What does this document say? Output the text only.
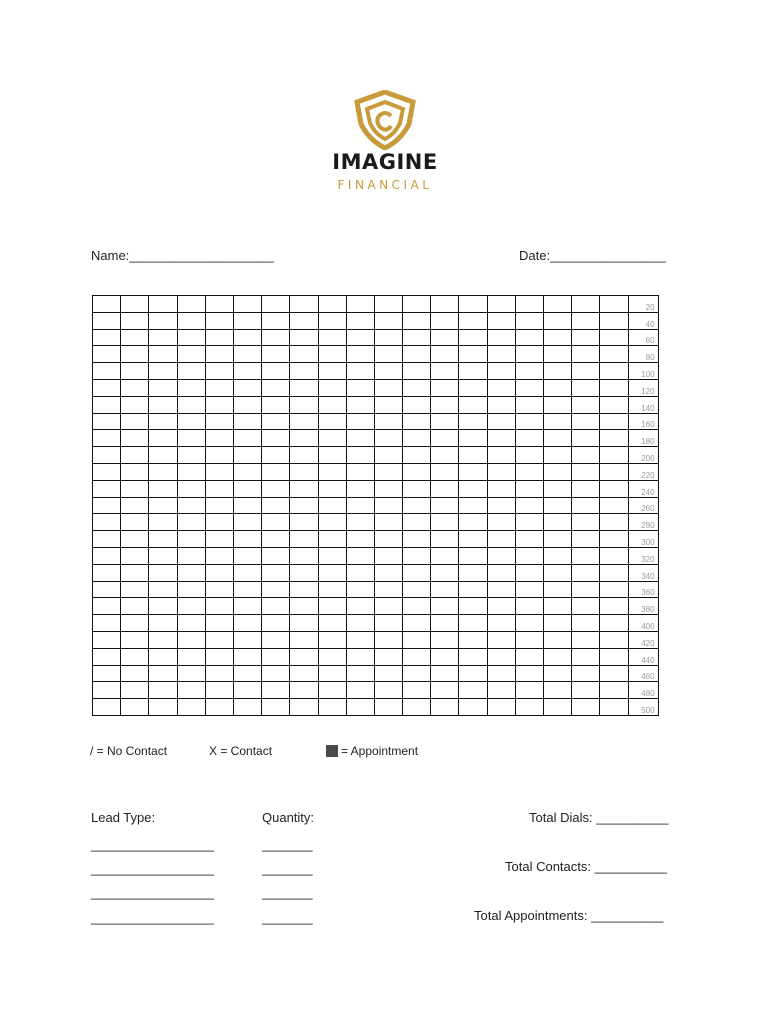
IMAGINE
FINANCIAL
Name:____________________	Date:________________
																			20
																			40
																			60
																			80
																			100
																			120
																			140
																			160
																			180
																			200
																			220
																			240
																			260
																			280
																			300
																			320
																			340
																			360
																			380
																			400
																			420
																			440
																			460
																			480
																			500
/ = No Contact	X = Contact	= Appointment
Lead Type:	Quantity:	Total Dials: __________
_________________	_______
_________________	_______	Total Contacts: __________
_________________	_______
_________________	_______	Total Appointments: __________
